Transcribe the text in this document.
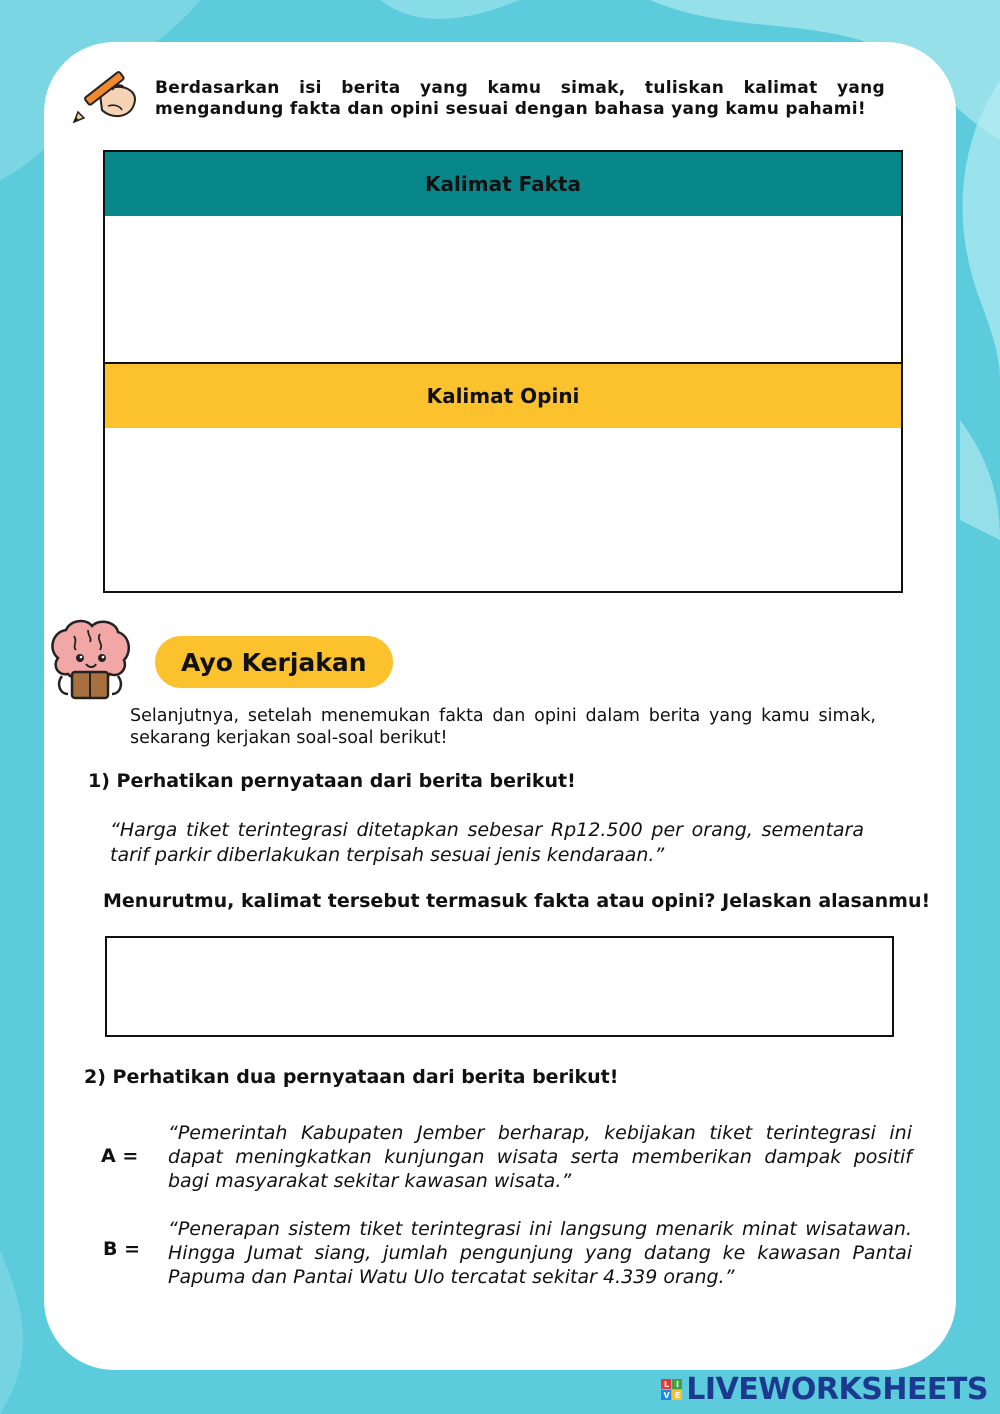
Berdasarkan isi berita yang kamu simak, tuliskan kalimat yang mengandung fakta dan opini sesuai dengan bahasa yang kamu pahami!
Kalimat Fakta
Kalimat Opini
Ayo Kerjakan
Selanjutnya, setelah menemukan fakta dan opini dalam berita yang kamu simak, sekarang kerjakan soal-soal berikut!
1) Perhatikan pernyataan dari berita berikut!
“Harga tiket terintegrasi ditetapkan sebesar Rp12.500 per orang, sementara tarif parkir diberlakukan terpisah sesuai jenis kendaraan.”
Menurutmu, kalimat tersebut termasuk fakta atau opini? Jelaskan alasanmu!
2) Perhatikan dua pernyataan dari berita berikut!
A =
“Pemerintah Kabupaten Jember berharap, kebijakan tiket terintegrasi ini dapat meningkatkan kunjungan wisata serta memberikan dampak positif bagi masyarakat sekitar kawasan wisata.”
B =
“Penerapan sistem tiket terintegrasi ini langsung menarik minat wisatawan. Hingga Jumat siang, jumlah pengunjung yang datang ke kawasan Pantai Papuma dan Pantai Watu Ulo tercatat sekitar 4.339 orang.”
L I
V E LIVEWORKSHEETS
